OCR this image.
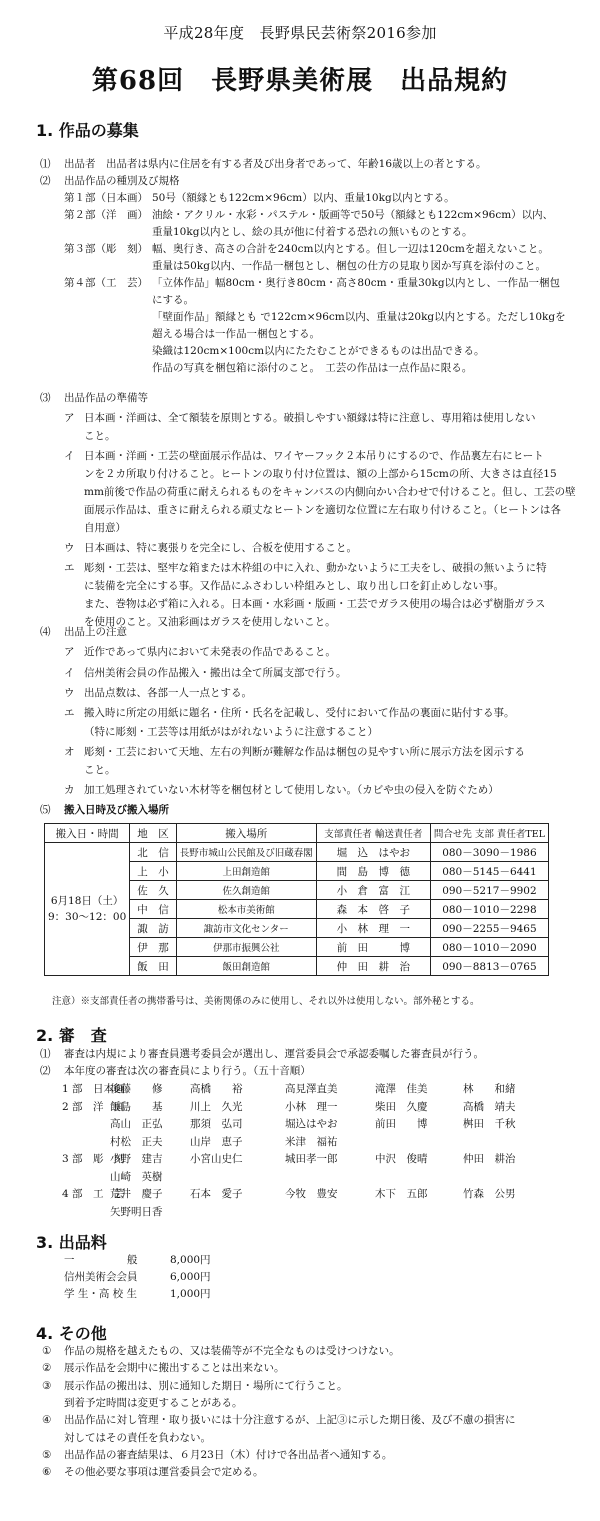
平成28年度　長野県民芸術祭2016参加
第68回　長野県美術展　出品規約
1. 作品の募集
⑴ 出品者　出品者は県内に住居を有する者及び出身者であって、年齢16歳以上の者とする。
⑵ 出品作品の種別及び規格
第１部（日本画） 50号（額縁とも122cm×96cm）以内、重量10kg以内とする。
第２部（洋　画） 油絵・アクリル・水彩・パステル・版画等で50号（額縁とも122cm×96cm）以内、
重量10kg以内とし、絵の具が他に付着する恐れの無いものとする。
第３部（彫　刻） 幅、奥行き、高さの合計を240cm以内とする。但し一辺は120cmを超えないこと。
重量は50kg以内、一作品一梱包とし、梱包の仕方の見取り図か写真を添付のこと。
第４部（工　芸） 「立体作品」幅80cm・奥行き80cm・高さ80cm・重量30kg以内とし、一作品一梱包
にする。
「壁面作品」額縁とも で122cm×96cm以内、重量は20kg以内とする。ただし10kgを
超える場合は一作品一梱包とする。
染織は120cm×100cm以内にたたむことができるものは出品できる。
作品の写真を梱包箱に添付のこと。　工芸の作品は一点作品に限る。
⑶ 出品作品の準備等
ア 日本画・洋画は、全て額装を原則とする。破損しやすい額縁は特に注意し、専用箱は使用しない
こと。
イ 日本画・洋画・工芸の壁面展示作品は、ワイヤーフック２本吊りにするので、作品裏左右にヒート
ンを２カ所取り付けること。ヒートンの取り付け位置は、額の上部から15cmの所、大きさは直径15
mm前後で作品の荷重に耐えられるものをキャンバスの内側向かい合わせで付けること。但し、工芸の壁
面展示作品は、重さに耐えられる頑丈なヒートンを適切な位置に左右取り付けること。（ヒートンは各
自用意）
ウ 日本画は、特に裏張りを完全にし、合板を使用すること。
エ 彫刻・工芸は、堅牢な箱または木枠組の中に入れ、動かないように工夫をし、破損の無いように特
に装備を完全にする事。又作品にふさわしい枠組みとし、取り出し口を釘止めしない事。
また、巻物は必ず箱に入れる。日本画・水彩画・版画・工芸でガラス使用の場合は必ず樹脂ガラス
を使用のこと。又油彩画はガラスを使用しないこと。
⑷ 出品上の注意
ア 近作であって県内において未発表の作品であること。
イ 信州美術会員の作品搬入・搬出は全て所属支部で行う。
ウ 出品点数は、各部一人一点とする。
エ 搬入時に所定の用紙に題名・住所・氏名を記載し、受付において作品の裏面に貼付する事。
（特に彫刻・工芸等は用紙がはがれないように注意すること）
オ 彫刻・工芸において天地、左右の判断が難解な作品は梱包の見やすい所に展示方法を図示する
こと。
カ 加工処理されていない木材等を梱包材として使用しない。（カビや虫の侵入を防ぐため）
⑸ 搬入日時及び搬入場所
搬入日・時間	地　区	搬入場所	支部責任者 輸送責任者	問合せ先 支部 責任者TEL

6月18日（土）
9：30〜12：00	北　信	長野市城山公民館及び旧蔵春閣	堀　込　はやお	080－3090－1986
	上　小	上田創造館	間　島　博　德	080－5145－6441
	佐　久	佐久創造館	小　倉　富　江	090－5217－9902
	中　信	松本市美術館	森　本　啓　子	080－1010－2298
	諏　訪	諏訪市文化センター	小　林　理　一	090－2255－9465
	伊　那	伊那市振興公社	前　田　　　博	080－1010－2090
	飯　田	飯田創造館	仲　田　耕　治	090－8813－0765
注意）※支部責任者の携帯番号は、美術関係のみに使用し、それ以外は使用しない。部外秘とする。
2. 審　査
⑴ 審査は内規により審査員選考委員会が選出し、運営委員会で承認委嘱した審査員が行う。
⑵ 本年度の審査は次の審査員により行う。（五十音順）
1 部　日本画
後藤　　修	高橋　　裕	高見澤直美	滝澤　佳美	林　　和緒
2 部　洋　画
飯島　　基	川上　久光	小林　理一	柴田　久慶	高橋　靖夫
高山　正弘	那須　弘司	堀込はやお	前田　　博	桝田　千秋
村松　正夫	山岸　恵子	米津　福祐
3 部　彫　刻
小野　建吉	小宮山史仁	城田孝一郎	中沢　俊晴	仲田　耕治
山崎　英樹
4 部　工　芸
荒井　慶子	石本　愛子	今牧　豊安	木下　五郎	竹森　公男
矢野明日香
3. 出品料
一　　　　　般	8,000円
信州美術会会員	6,000円
学 生・高 校 生	1,000円
4. その他
① 作品の規格を越えたもの、又は装備等が不完全なものは受けつけない。
② 展示作品を会期中に搬出することは出来ない。
③ 展示作品の搬出は、別に通知した期日・場所にて行うこと。
到着予定時間は変更することがある。
④ 出品作品に対し管理・取り扱いには十分注意するが、上記③に示した期日後、及び不慮の損害に
対してはその責任を負わない。
⑤ 出品作品の審査結果は、６月23日（木）付けで各出品者へ通知する。
⑥ その他必要な事項は運営委員会で定める。
